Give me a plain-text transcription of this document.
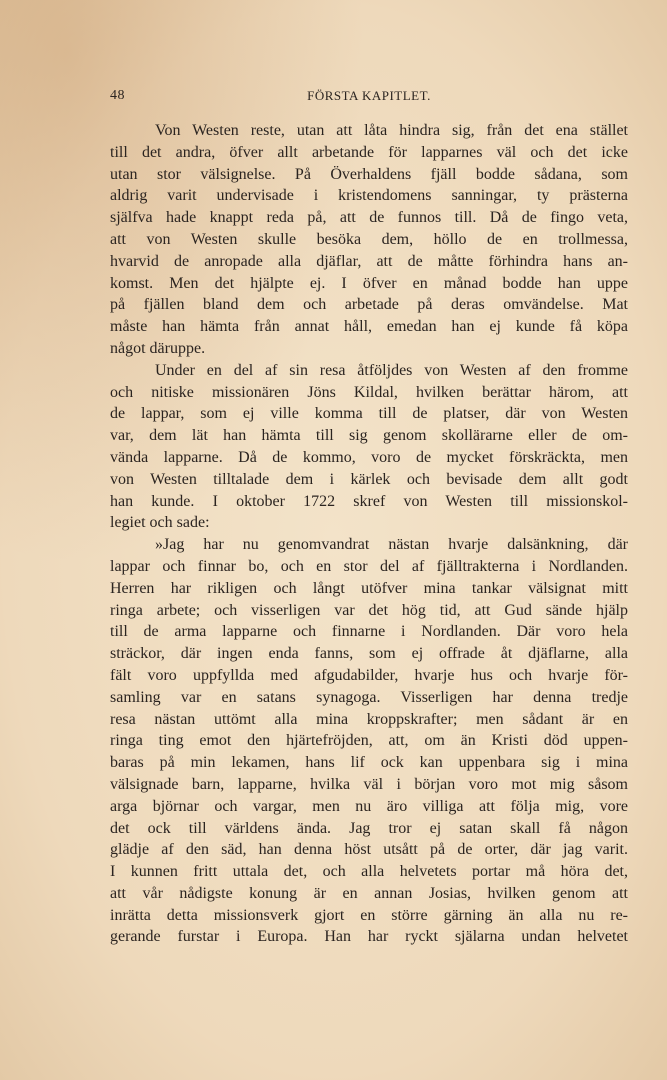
48	FÖRSTA KAPITLET.
Von Westen reste, utan att låta hindra sig, från det ena stället
till det andra, öfver allt arbetande för lapparnes väl och det icke
utan stor välsignelse. På Överhaldens fjäll bodde sådana, som
aldrig varit undervisade i kristendomens sanningar, ty prästerna
själfva hade knappt reda på, att de funnos till. Då de fingo veta,
att von Westen skulle besöka dem, höllo de en trollmessa,
hvarvid de anropade alla djäflar, att de måtte förhindra hans an-
komst. Men det hjälpte ej. I öfver en månad bodde han uppe
på fjällen bland dem och arbetade på deras omvändelse. Mat
måste han hämta från annat håll, emedan han ej kunde få köpa
något däruppe.
Under en del af sin resa åtföljdes von Westen af den fromme
och nitiske missionären Jöns Kildal, hvilken berättar härom, att
de lappar, som ej ville komma till de platser, där von Westen
var, dem lät han hämta till sig genom skollärarne eller de om-
vända lapparne. Då de kommo, voro de mycket förskräckta, men
von Westen tilltalade dem i kärlek och bevisade dem allt godt
han kunde. I oktober 1722 skref von Westen till missionskol-
legiet och sade:
»Jag har nu genomvandrat nästan hvarje dalsänkning, där
lappar och finnar bo, och en stor del af fjälltrakterna i Nordlanden.
Herren har rikligen och långt utöfver mina tankar välsignat mitt
ringa arbete; och visserligen var det hög tid, att Gud sände hjälp
till de arma lapparne och finnarne i Nordlanden. Där voro hela
sträckor, där ingen enda fanns, som ej offrade åt djäflarne, alla
fält voro uppfyllda med afgudabilder, hvarje hus och hvarje för-
samling var en satans synagoga. Visserligen har denna tredje
resa nästan uttömt alla mina kroppskrafter; men sådant är en
ringa ting emot den hjärtefröjden, att, om än Kristi död uppen-
baras på min lekamen, hans lif ock kan uppenbara sig i mina
välsignade barn, lapparne, hvilka väl i början voro mot mig såsom
arga björnar och vargar, men nu äro villiga att följa mig, vore
det ock till världens ända. Jag tror ej satan skall få någon
glädje af den säd, han denna höst utsått på de orter, där jag varit.
I kunnen fritt uttala det, och alla helvetets portar må höra det,
att vår nådigste konung är en annan Josias, hvilken genom att
inrätta detta missionsverk gjort en större gärning än alla nu re-
gerande furstar i Europa. Han har ryckt själarna undan helvetet
